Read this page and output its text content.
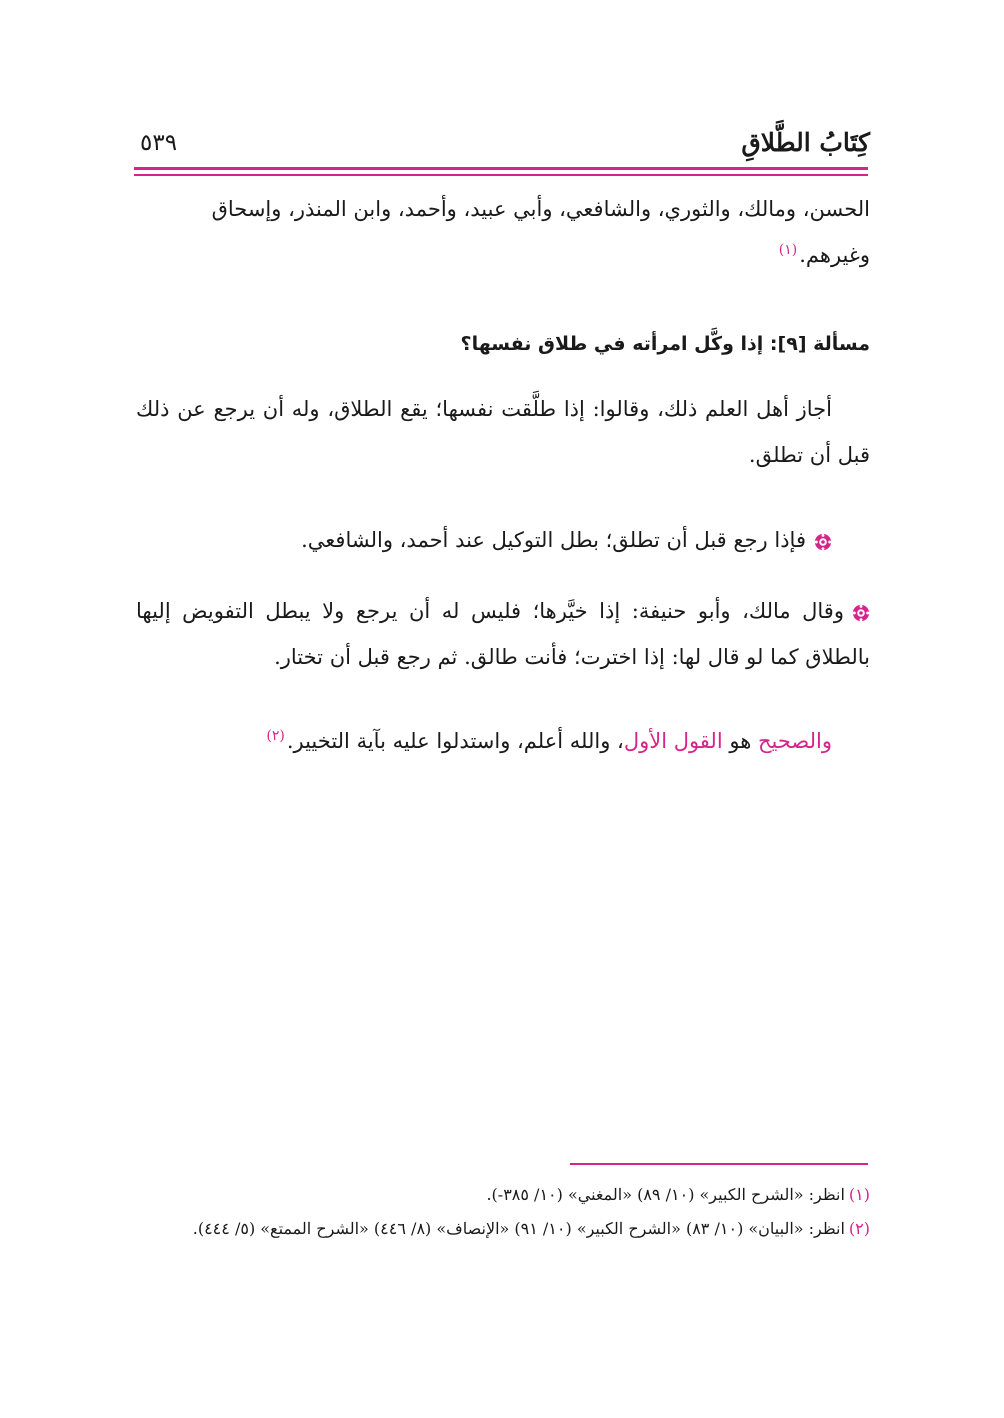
كِتَابُ الطَّلاقِ
٥٣٩

الحسن، ومالك، والثوري، والشافعي، وأبي عبيد، وأحمد، وابن المنذر، وإسحاق

وغيرهم.$^{(١)}$

مسألة [٩]: إذا وكَّل امرأته في طلاق نفسها؟

أجاز أهل العلم ذلك، وقالوا: إذا طلَّقت نفسها؛ يقع الطلاق، وله أن يرجع عن ذلك قبل أن تطلق.

فإذا رجع قبل أن تطلق؛ بطل التوكيل عند أحمد، والشافعي.

وقال مالك، وأبو حنيفة: إذا خيَّرها؛ فليس له أن يرجع ولا يبطل التفويض إليها بالطلاق كما لو قال لها: إذا اخترت؛ فأنت طالق. ثم رجع قبل أن تختار.

والصحيح هو القول الأول، والله أعلم، واستدلوا عليه بآية التخيير.$^{(٢)}$

(١)انظر: «الشرح الكبير» (١٠/ ٨٩) «المغني» (١٠/ ٣٨٥-).

(٢)انظر: «البيان» (١٠/ ٨٣) «الشرح الكبير» (١٠/ ٩١) «الإنصاف» (٨/ ٤٤٦) «الشرح الممتع» (٥/ ٤٤٤).
